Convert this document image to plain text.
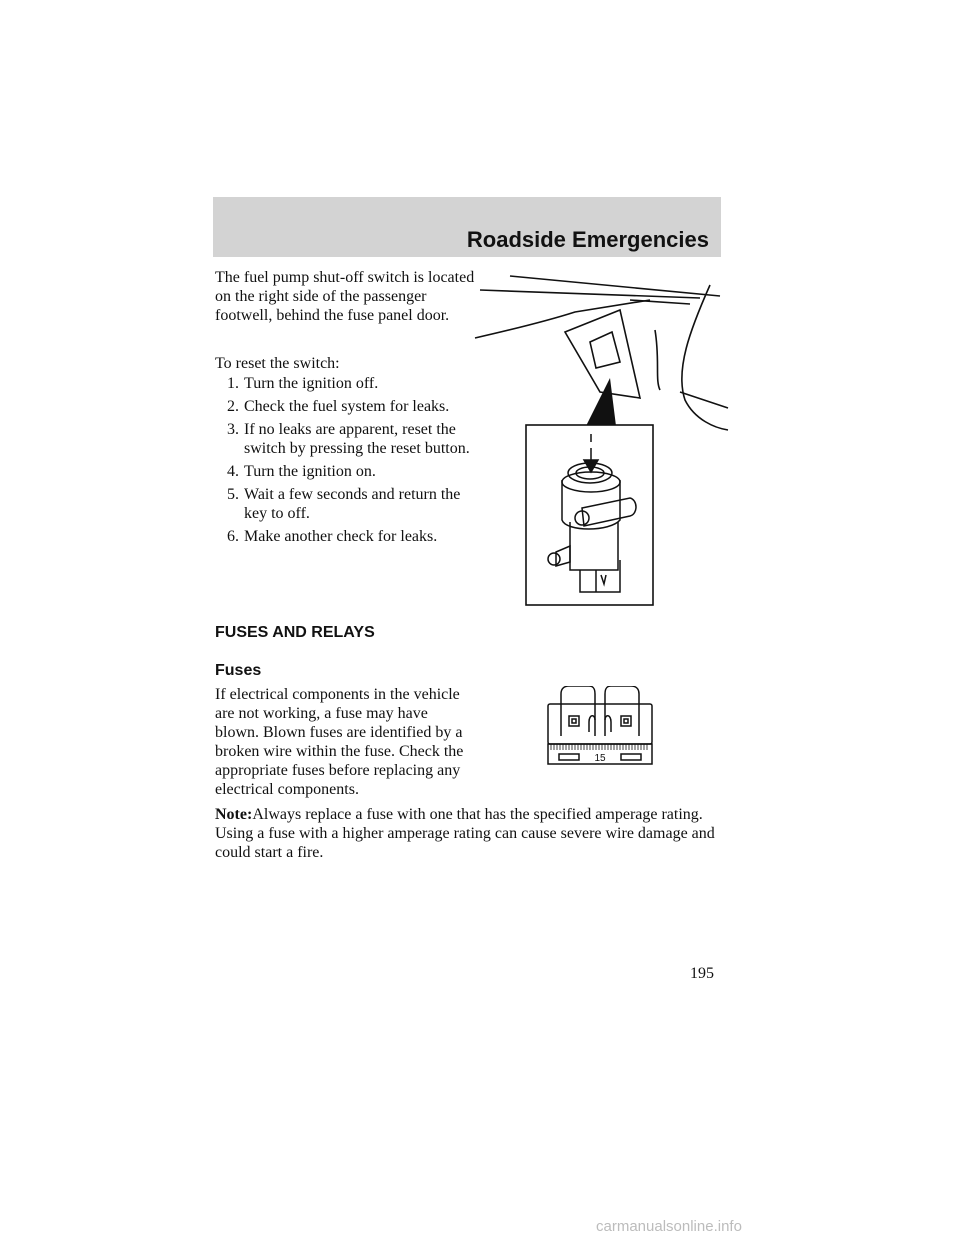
Roadside Emergencies

The fuel pump shut-off switch is located on the right side of the passenger footwell, behind the fuse panel door.

To reset the switch:

1. Turn the ignition off.
2. Check the fuel system for leaks.
3. If no leaks are apparent, reset the switch by pressing the reset button.
4. Turn the ignition on.
5. Wait a few seconds and return the key to off.
6. Make another check for leaks.
FUSES AND RELAYS
Fuses

If electrical components in the vehicle are not working, a fuse may have blown. Blown fuses are identified by a broken wire within the fuse. Check the appropriate fuses before replacing any electrical components.

15

Note:Always replace a fuse with one that has the specified amperage rating. Using a fuse with a higher amperage rating can cause severe wire damage and could start a fire.

195
carmanualsonline.info
